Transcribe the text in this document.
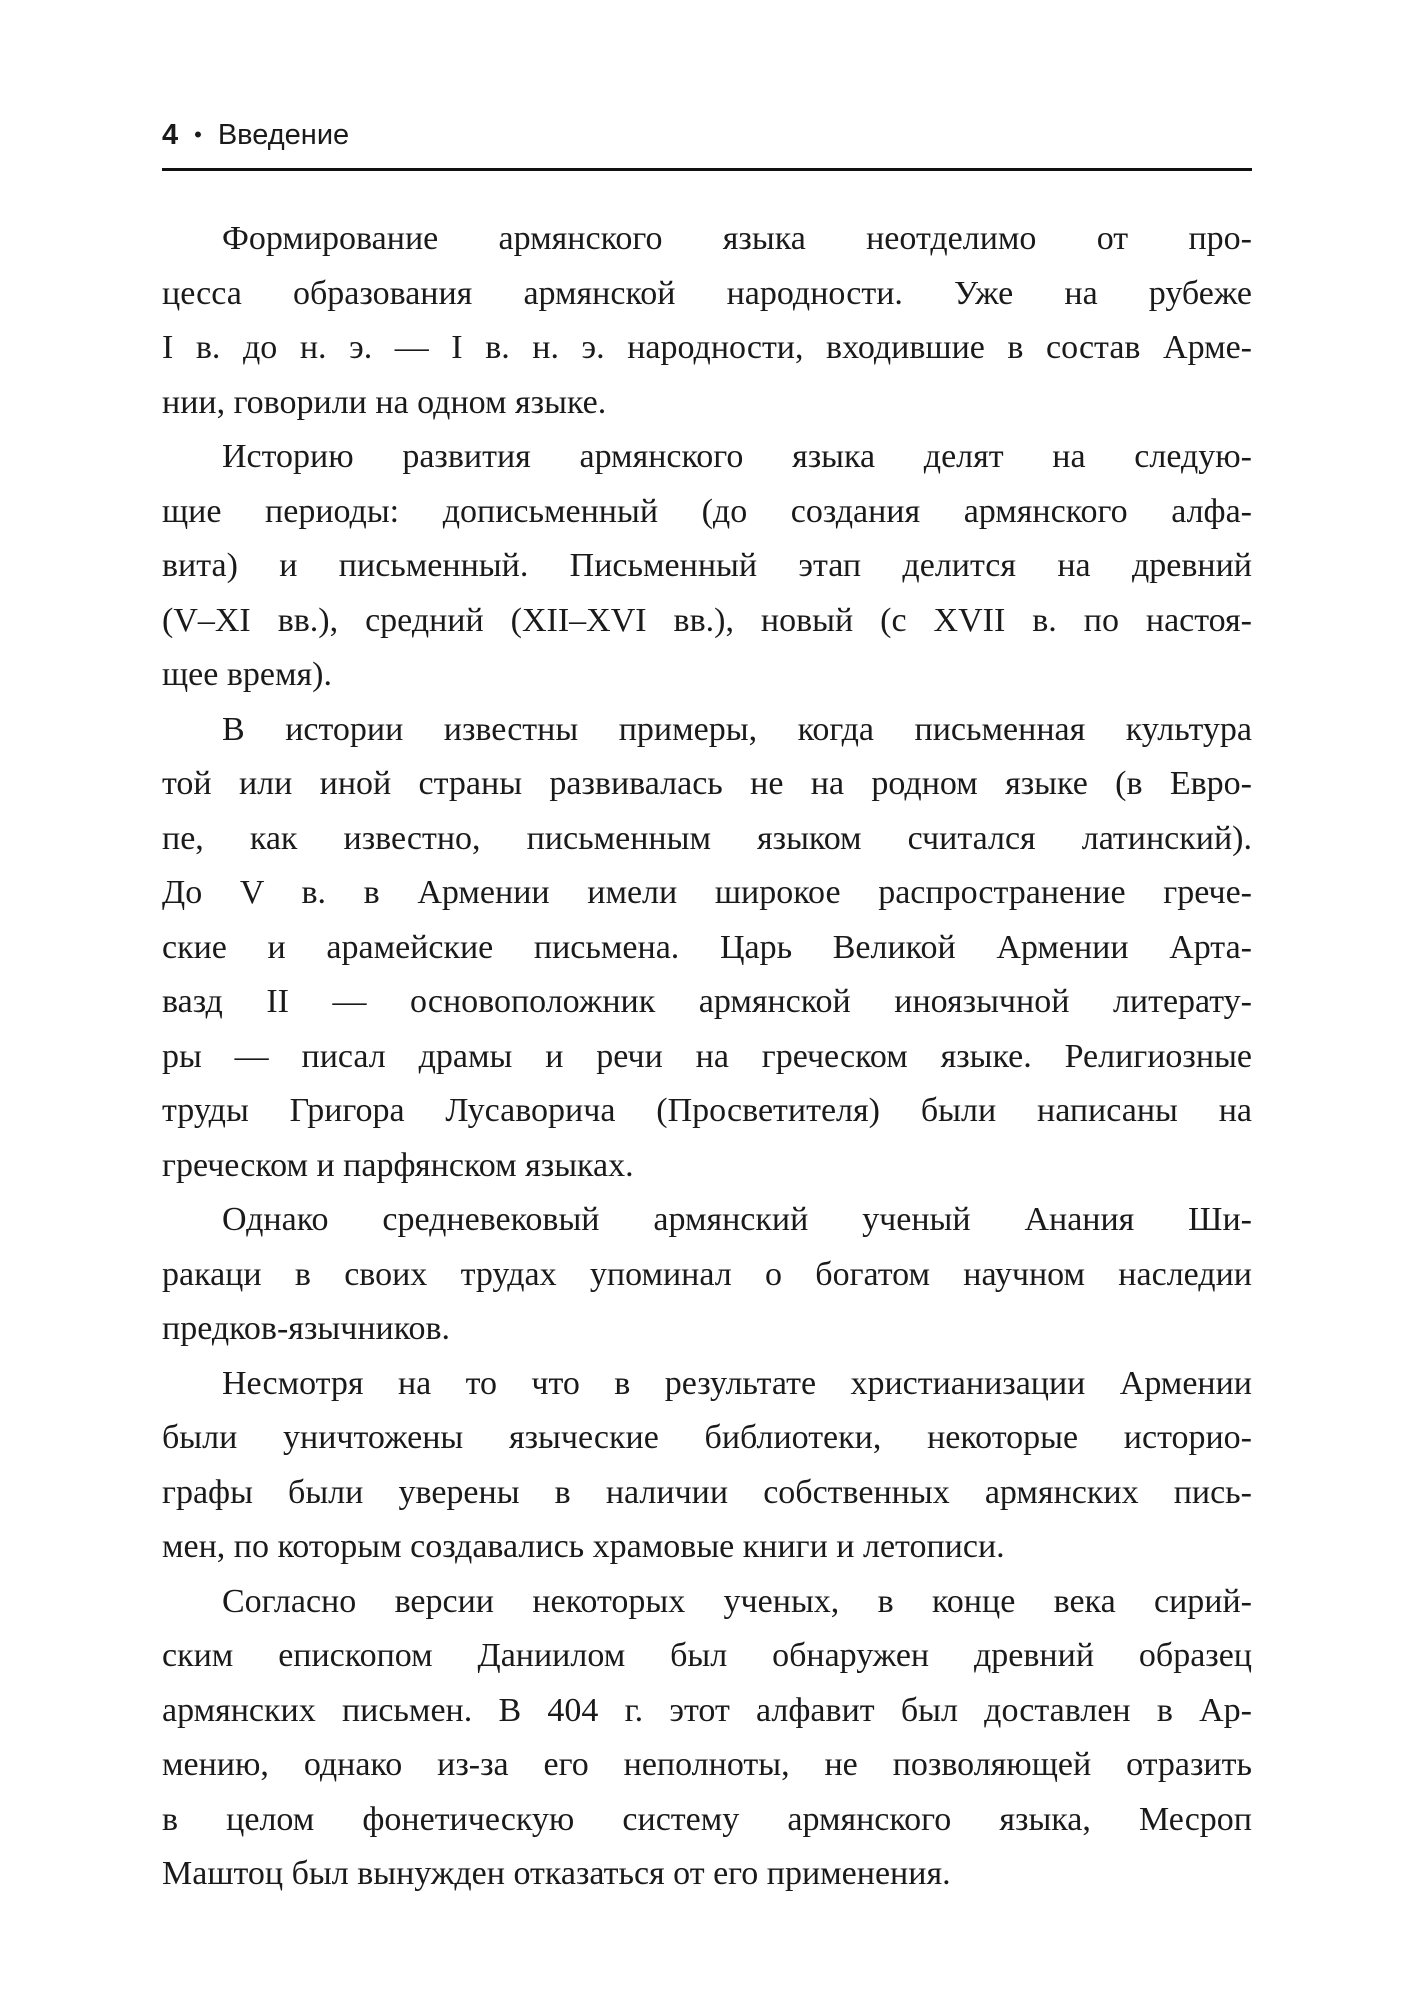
4 • Введение
Формирование армянского языка неотделимо от про-
цесса образования армянской народности. Уже на рубеже
I в. до н. э. — I в. н. э. народности, входившие в состав Арме-
нии, говорили на одном языке.
Историю развития армянского языка делят на следую-
щие периоды: дописьменный (до создания армянского алфа-
вита) и письменный. Письменный этап делится на древний
(V–XI вв.), средний (XII–XVI вв.), новый (с XVII в. по настоя-
щее время).
В истории известны примеры, когда письменная культура
той или иной страны развивалась не на родном языке (в Евро-
пе, как известно, письменным языком считался латинский).
До V в. в Армении имели широкое распространение грече-
ские и арамейские письмена. Царь Великой Армении Арта-
вазд II — основоположник армянской иноязычной литерату-
ры — писал драмы и речи на греческом языке. Религиозные
труды Григора Лусаворича (Просветителя) были написаны на
греческом и парфянском языках.
Однако средневековый армянский ученый Анания Ши-
ракаци в своих трудах упоминал о богатом научном наследии
предков-язычников.
Несмотря на то что в результате христианизации Армении
были уничтожены языческие библиотеки, некоторые историо-
графы были уверены в наличии собственных армянских пись-
мен, по которым создавались храмовые книги и летописи.
Согласно версии некоторых ученых, в конце века сирий-
ским епископом Даниилом был обнаружен древний образец
армянских письмен. В 404 г. этот алфавит был доставлен в Ар-
мению, однако из-за его неполноты, не позволяющей отразить
в целом фонетическую систему армянского языка, Месроп
Маштоц был вынужден отказаться от его применения.
